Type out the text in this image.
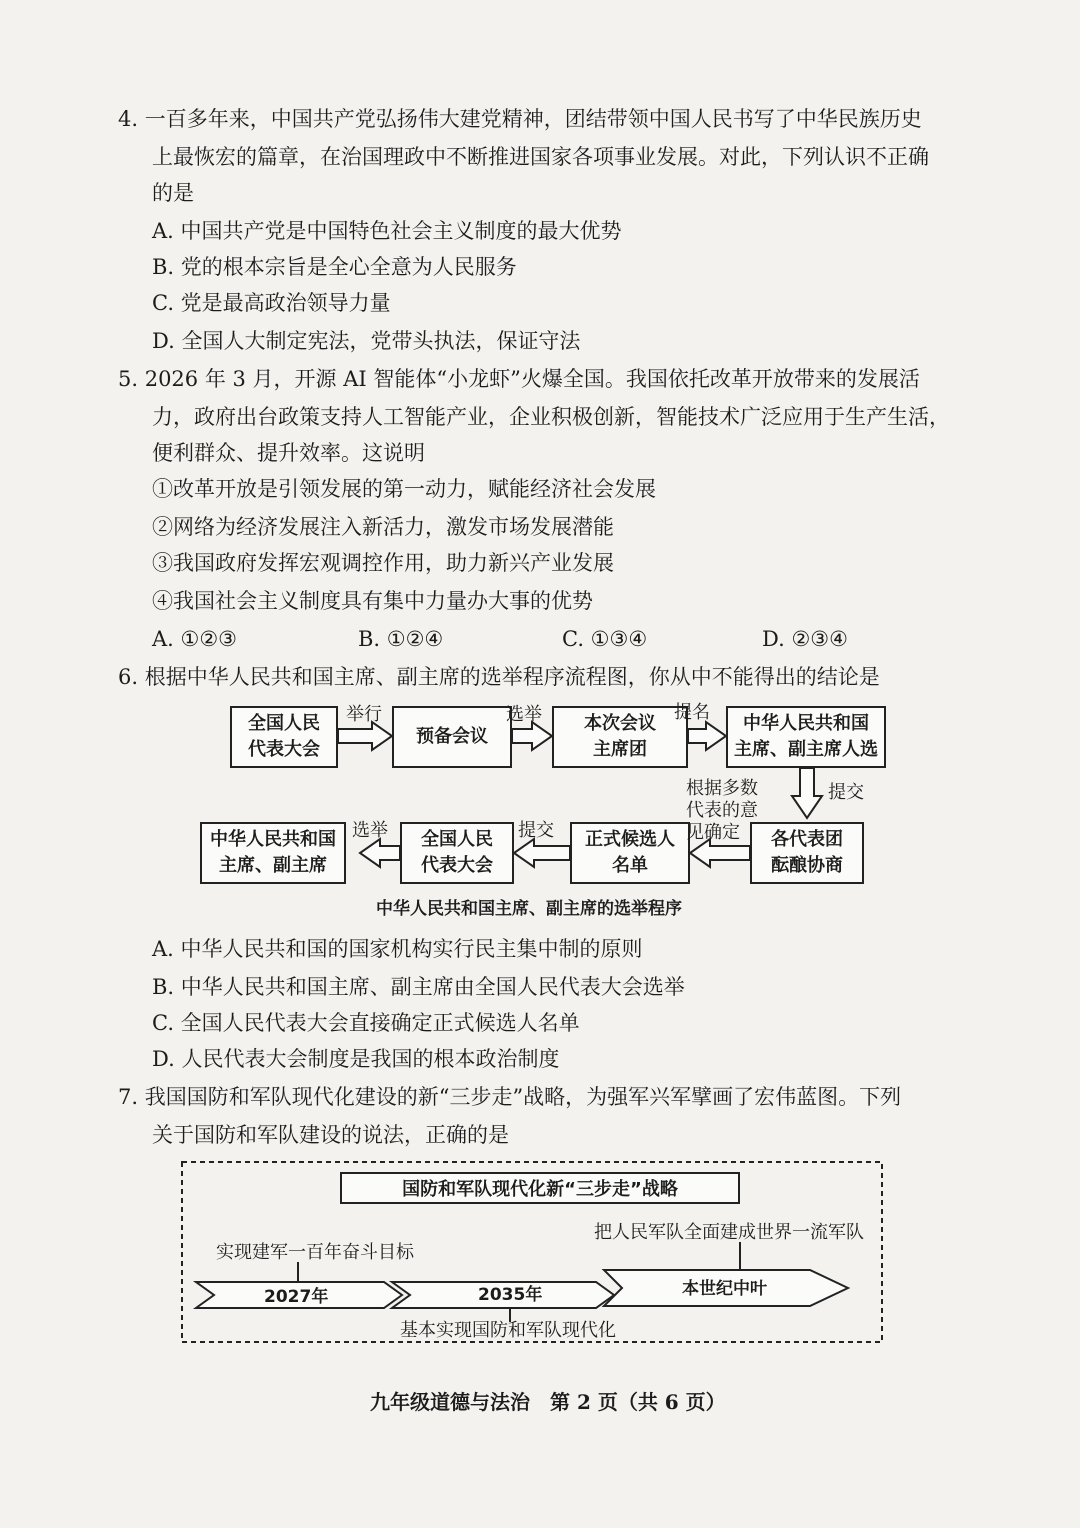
4. 一百多年来，中国共产党弘扬伟大建党精神，团结带领中国人民书写了中华民族历史
上最恢宏的篇章，在治国理政中不断推进国家各项事业发展。对此，下列认识不正确
的是
A. 中国共产党是中国特色社会主义制度的最大优势
B. 党的根本宗旨是全心全意为人民服务
C. 党是最高政治领导力量
D. 全国人大制定宪法，党带头执法，保证守法
5. 2026 年 3 月，开源 AI 智能体“小龙虾”火爆全国。我国依托改革开放带来的发展活
力，政府出台政策支持人工智能产业，企业积极创新，智能技术广泛应用于生产生活，
便利群众、提升效率。这说明
①改革开放是引领发展的第一动力，赋能经济社会发展
②网络为经济发展注入新活力，激发市场发展潜能
③我国政府发挥宏观调控作用，助力新兴产业发展
④我国社会主义制度具有集中力量办大事的优势
A. ①②③	B. ①②④	C. ①③④	D. ②③④
6. 根据中华人民共和国主席、副主席的选举程序流程图，你从中不能得出的结论是
全国人民
代表大会
预备会议
本次会议
主席团
中华人民共和国
主席、副主席人选
各代表团
酝酿协商
正式候选人
名单
全国人民
代表大会
中华人民共和国
主席、副主席
举行	选举	提名
提交
根据多数
代表的意
见确定
提交
选举
中华人民共和国主席、副主席的选举程序
A. 中华人民共和国的国家机构实行民主集中制的原则
B. 中华人民共和国主席、副主席由全国人民代表大会选举
C. 全国人民代表大会直接确定正式候选人名单
D. 人民代表大会制度是我国的根本政治制度
7. 我国国防和军队现代化建设的新“三步走”战略，为强军兴军擘画了宏伟蓝图。下列
关于国防和军队建设的说法，正确的是
国防和军队现代化新“三步走”战略
2027年	2035年	本世纪中叶
实现建军一百年奋斗目标
基本实现国防和军队现代化
把人民军队全面建成世界一流军队
九年级道德与法治　第 2 页（共 6 页）
